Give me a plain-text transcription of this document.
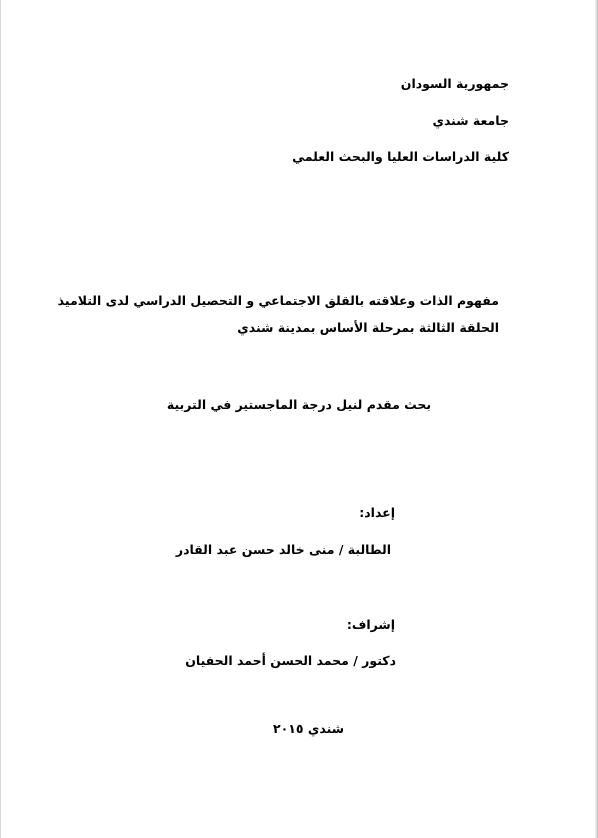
جمهورية السودان
جامعة شندي
كلية الدراسات العليا والبحث العلمي
مفهوم الذات وعلاقته بالقلق الاجتماعي و التحصيل الدراسي لدى التلاميذ
الحلقة الثالثة بمرحلة الأساس بمدينة شندي
بحث مقدم لنيل درجة الماجستير في التربية
إعداد:
الطالبة / منى خالد حسن عبد القادر
إشراف:
دكتور / محمد الحسن أحمد الحفيان
شندي ٢٠١٥
